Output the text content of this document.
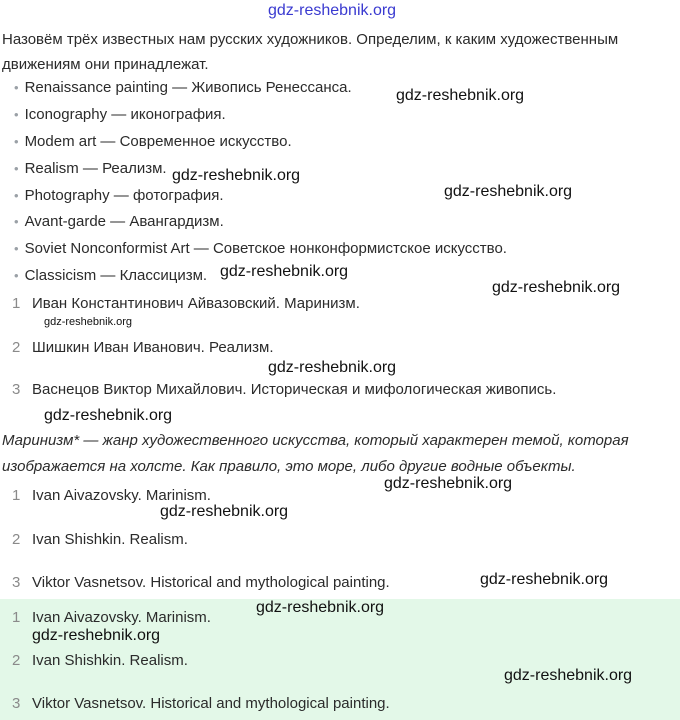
gdz-reshebnik.org
Назовём трёх известных нам русских художников. Определим, к каким художественным движениям они принадлежат.
• Renaissance painting — Живопись Ренессанса.
• Iconography — иконография.
• Modem art — Современное искусство.
• Realism — Реализм.
• Photography — фотография.
• Avant-garde — Авангардизм.
• Soviet Nonconformist Art — Советское нонконформистское искусство.
• Classicism — Классицизм.
1 Иван Константинович Айвазовский. Маринизм.
2 Шишкин Иван Иванович. Реализм.
3 Васнецов Виктор Михайлович. Историческая и мифологическая живопись.
Маринизм* — жанр художественного искусства, который характерен темой, которая изображается на холсте. Как правило, это море, либо другие водные объекты.
1 Ivan Aivazovsky. Marinism.
2 Ivan Shishkin. Realism.
3 Viktor Vasnetsov. Historical and mythological painting.
1 Ivan Aivazovsky. Marinism.
2 Ivan Shishkin. Realism.
3 Viktor Vasnetsov. Historical and mythological painting.
gdz-reshebnik.org
gdz-reshebnik.org
gdz-reshebnik.org
gdz-reshebnik.org
gdz-reshebnik.org
gdz-reshebnik.org
gdz-reshebnik.org
gdz-reshebnik.org
gdz-reshebnik.org
gdz-reshebnik.org
gdz-reshebnik.org
gdz-reshebnik.org
gdz-reshebnik.org
gdz-reshebnik.org
